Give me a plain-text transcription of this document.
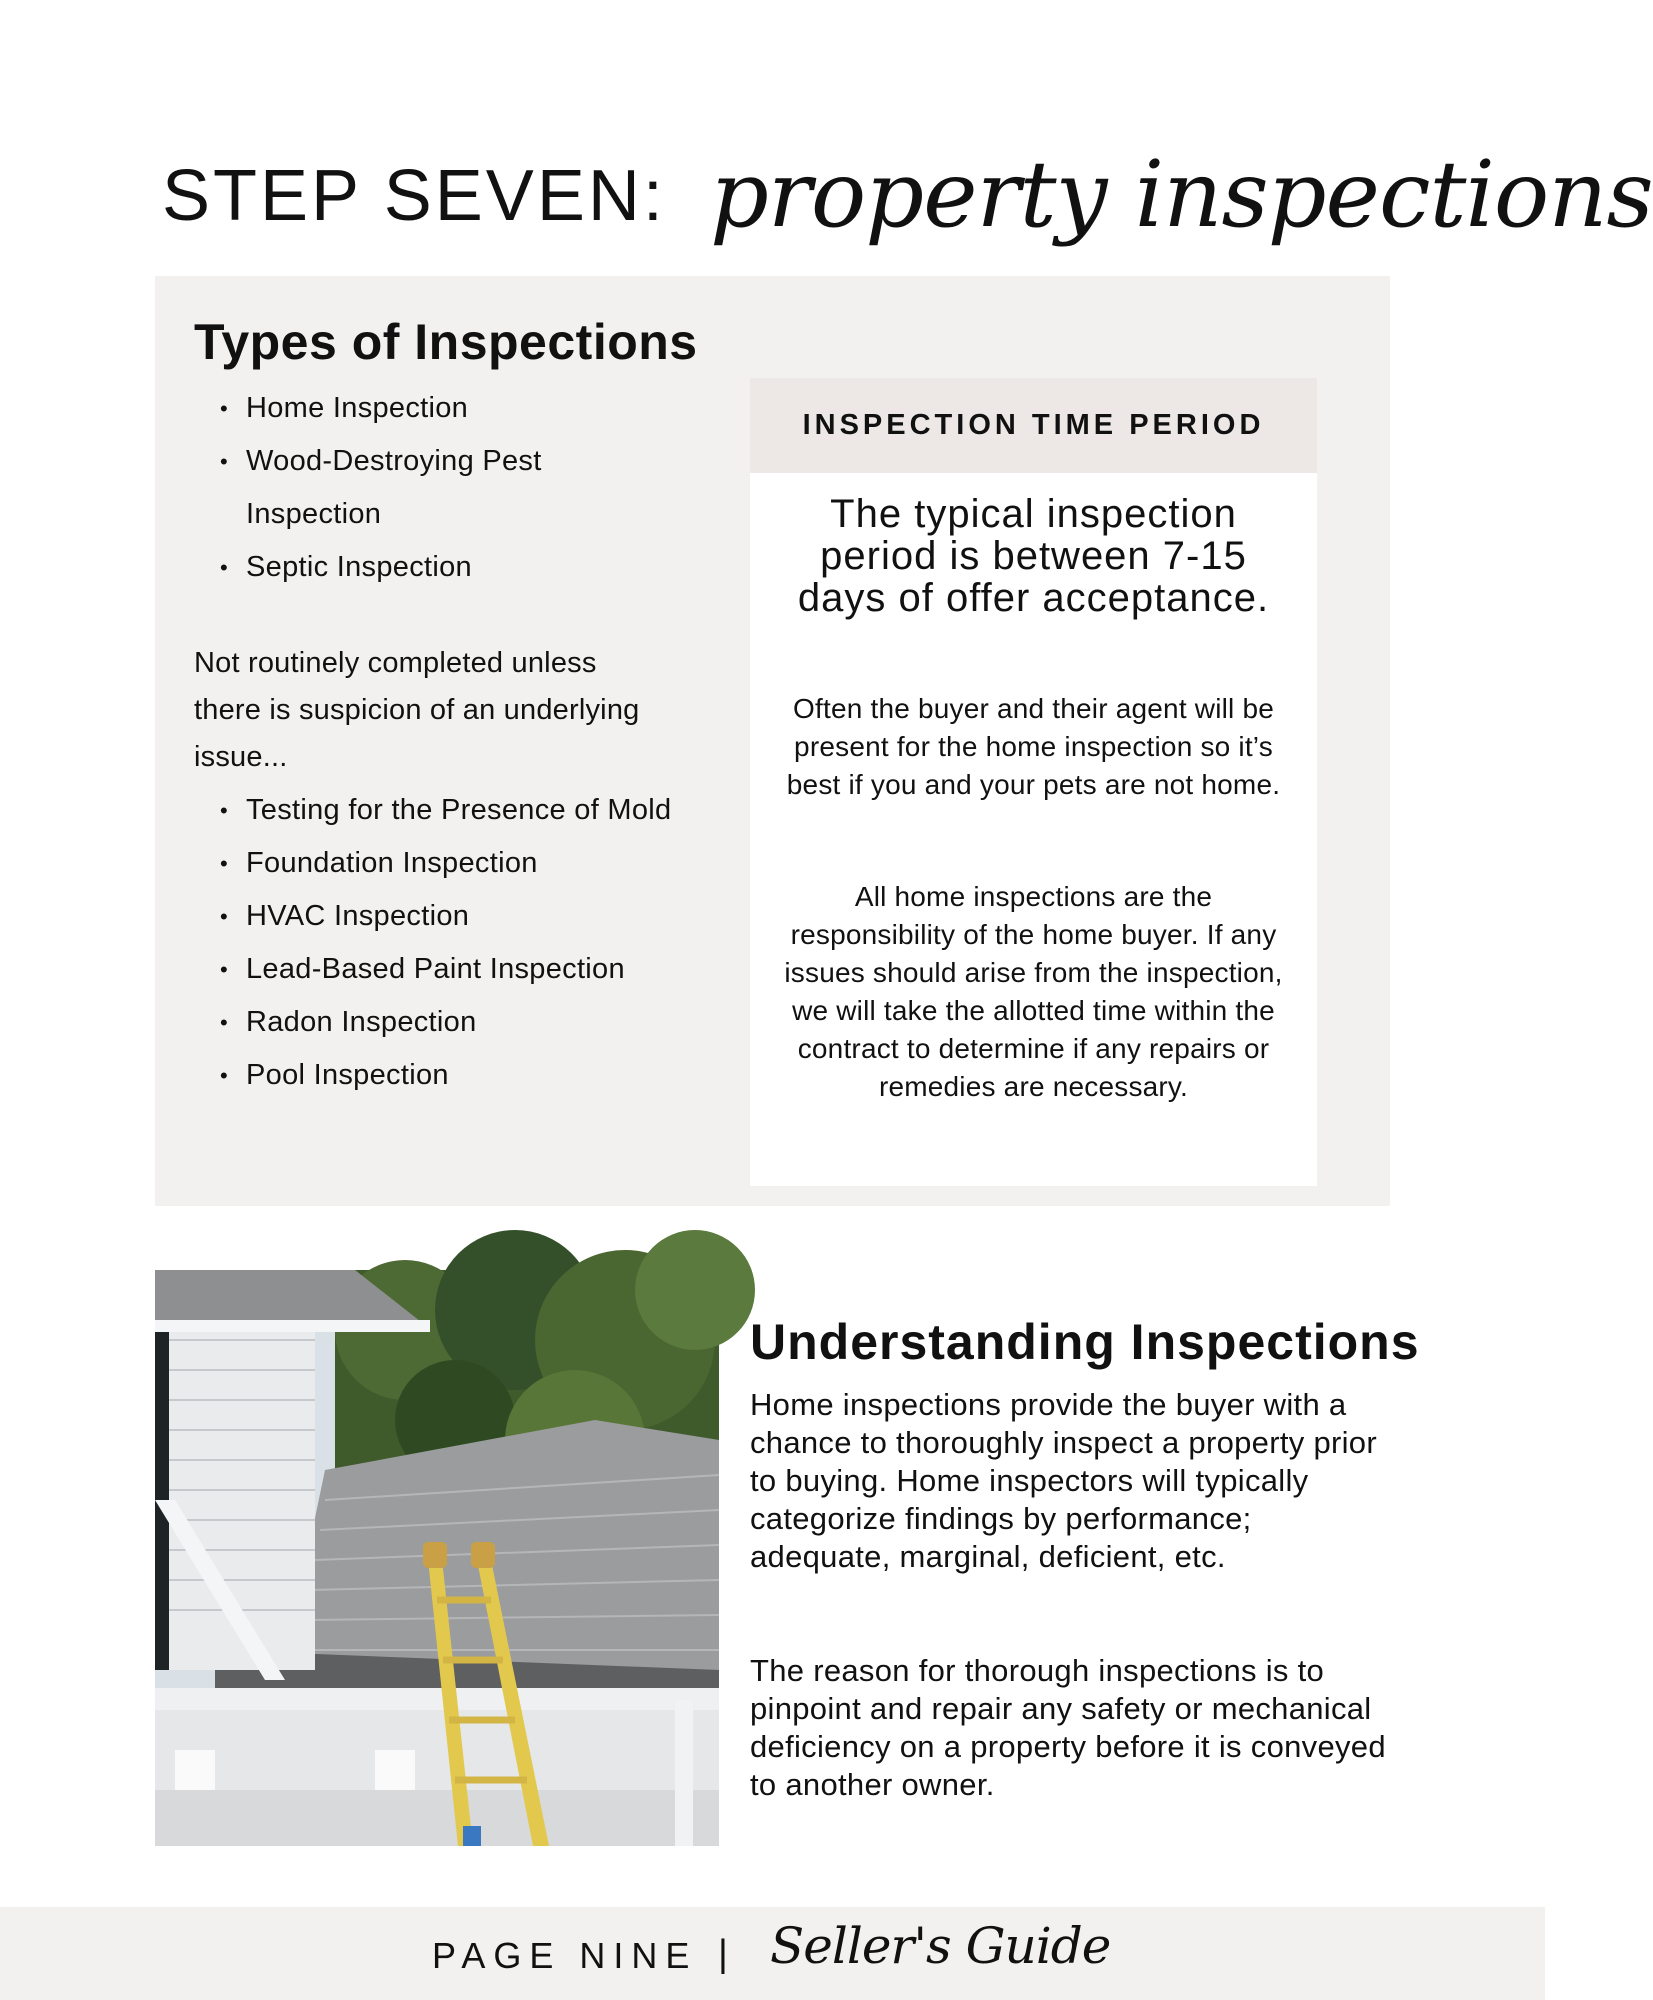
STEP SEVEN: property inspections
Types of Inspections
• Home Inspection
• Wood-Destroying Pest Inspection
• Septic Inspection

Not routinely completed unless there is suspicion of an underlying issue...

• Testing for the Presence of Mold
• Foundation Inspection
• HVAC Inspection
• Lead-Based Paint Inspection
• Radon Inspection
• Pool Inspection
INSPECTION TIME PERIOD

The typical inspection period is between 7-15 days of offer acceptance.

Often the buyer and their agent will be present for the home inspection so it’s best if you and your pets are not home.

All home inspections are the responsibility of the home buyer. If any issues should arise from the inspection, we will take the allotted time within the contract to determine if any repairs or remedies are necessary.

Understanding Inspections

Home inspections provide the buyer with a chance to thoroughly inspect a property prior to buying. Home inspectors will typically categorize findings by performance; adequate, marginal, deficient, etc.

The reason for thorough inspections is to pinpoint and repair any safety or mechanical deficiency on a property before it is conveyed to another owner.

PAGE NINE | Seller's Guide
